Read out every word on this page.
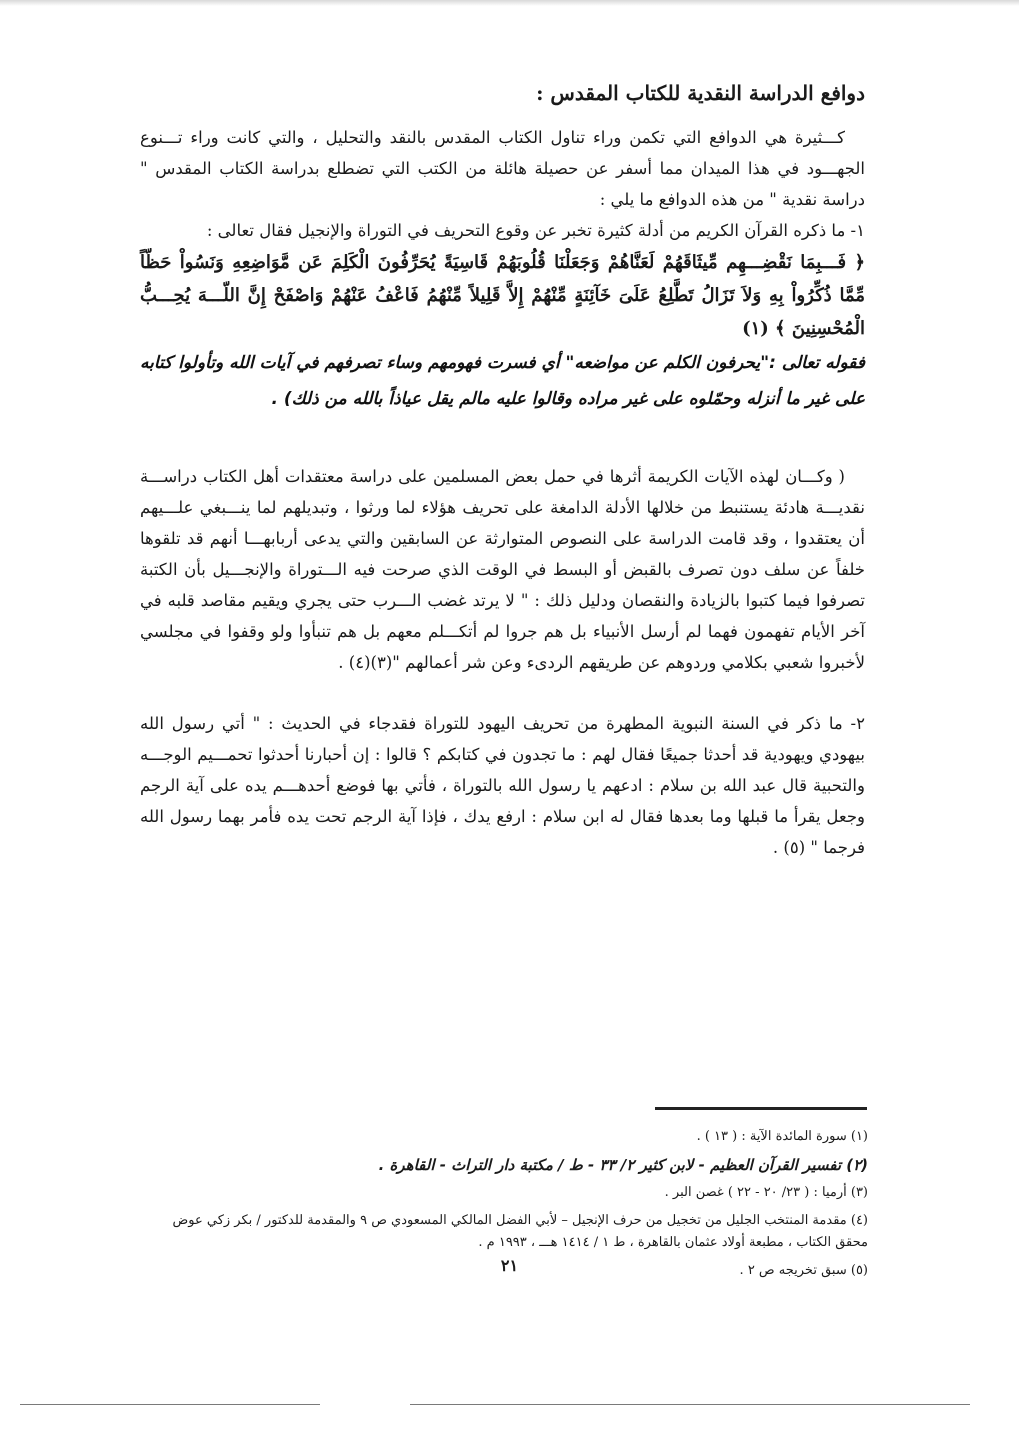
دوافع الدراسة النقدية للكتاب المقدس :

كـــثيرة هي الدوافع التي تكمن وراء تناول الكتاب المقدس بالنقد والتحليل ، والتي كانت وراء تـــنوع الجهـــود في هذا الميدان مما أسفر عن حصيلة هائلة من الكتب التي تضطلع بدراسة الكتاب المقدس " دراسة نقدية " من هذه الدوافع ما يلي :

١- ما ذكره القرآن الكريم من أدلة كثيرة تخبر عن وقوع التحريف في التوراة والإنجيل فقال تعالى :

﴿ فَـــبِمَا نَقْضِـــهِم مِّيثَاقَهُمْ لَعَنَّاهُمْ وَجَعَلْنَا قُلُوبَهُمْ قَاسِيَةً يُحَرِّفُونَ الْكَلِمَ عَن مَّوَاضِعِهِ وَنَسُواْ حَظّاً مِّمَّا ذُكِّرُواْ بِهِ وَلاَ تَزَالُ تَطَّلِعُ عَلَىَ خَآئِنَةٍ مِّنْهُمْ إِلاَّ قَلِيلاً مِّنْهُمُ فَاعْفُ عَنْهُمْ وَاصْفَحْ إِنَّ اللّـــهَ يُحِـــبُّ الْمُحْسِنِينَ ﴾ (١)

فقوله تعالى :"يحرفون الكلم عن مواضعه" أي فسرت فهومهم وساء تصرفهم في آيات الله وتأولوا كتابه على غير ما أنزله وحمّلوه على غير مراده وقالوا عليه مالم يقل عياذاً بالله من ذلك) .

( وكـــان لهذه الآيات الكريمة أثرها في حمل بعض المسلمين على دراسة معتقدات أهل الكتاب دراســـة نقديـــة هادئة يستنبط من خلالها الأدلة الدامغة على تحريف هؤلاء لما ورثوا ، وتبديلهم لما ينـــبغي علـــيهم أن يعتقدوا ، وقد قامت الدراسة على النصوص المتوارثة عن السابقين والتي يدعى أربابهـــا أنهم قد تلقوها خلفاً عن سلف دون تصرف بالقبض أو البسط في الوقت الذي صرحت فيه الـــتوراة والإنجـــيل بأن الكتبة تصرفوا فيما كتبوا بالزيادة والنقصان ودليل ذلك : " لا يرتد غضب الـــرب حتى يجري ويقيم مقاصد قلبه في آخر الأيام تفهمون فهما لم أرسل الأنبياء بل هم جروا لم أتكـــلم معهم بل هم تنبأوا ولو وقفوا في مجلسي لأخبروا شعبي بكلامي وردوهم عن طريقهم الردىء وعن شر أعمالهم "(٣)(٤) .

٢- ما ذكر في السنة النبوية المطهرة من تحريف اليهود للتوراة فقدجاء في الحديث : " أتي رسول الله بيهودي ويهودية قد أحدثا جميعًا فقال لهم : ما تجدون في كتابكم ؟ قالوا : إن أحبارنا أحدثوا تحمـــيم الوجـــه والتحبية قال عبد الله بن سلام : ادعهم يا رسول الله بالتوراة ، فأتي بها فوضع أحدهـــم يده على آية الرجم وجعل يقرأ ما قبلها وما بعدها فقال له ابن سلام : ارفع يدك ، فإذا آية الرجم تحت يده فأمر بهما رسول الله فرجما " (٥) .

(١) سورة المائدة الآية : ( ١٣ ) .

(٢) تفسير القرآن العظيم - لابن كثير ٢/ ٣٣ - ط / مكتبة دار التراث - القاهرة .

(٣) أرميا : ( ٢٣/ ٢٠ - ٢٢ ) غصن البر .

(٤) مقدمة المنتخب الجليل من تخجيل من حرف الإنجيل – لأبي الفضل المالكي المسعودي ص ٩ والمقدمة للدكتور / بكر زكي عوض محقق الكتاب ، مطبعة أولاد عثمان بالقاهرة ، ط ١ / ١٤١٤ هـــ ، ١٩٩٣ م .

(٥) سبق تخريجه ص ٢ .

٢١
